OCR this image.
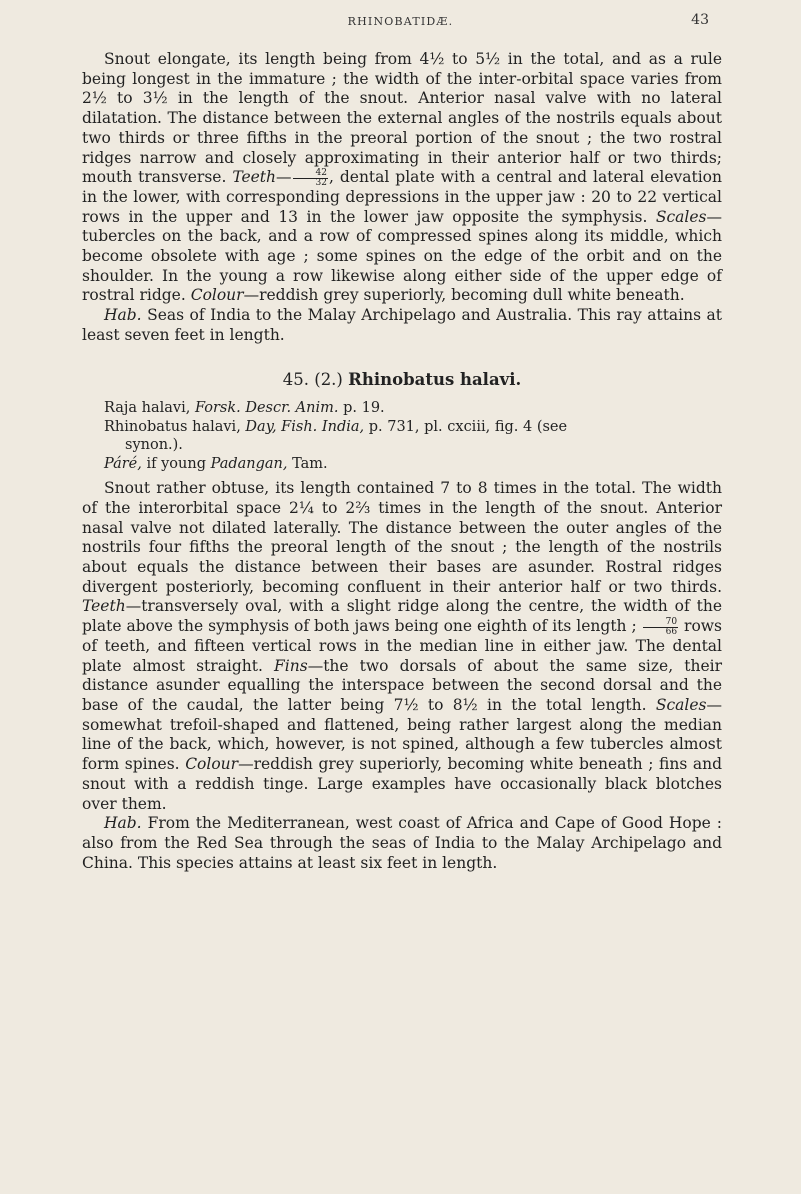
RHINOBATIDÆ.	43

Snout elongate, its length being from 4½ to 5½ in the total, and as a rule being longest in the immature ; the width of the inter-orbital space varies from 2½ to 3½ in the length of the snout. Anterior nasal valve with no lateral dilatation. The distance between the external angles of the nostrils equals about two thirds or three fifths in the preoral portion of the snout ; the two rostral ridges narrow and closely approximating in their anterior half or two thirds; mouth transverse. Teeth— $\frac{42}{32}$ , dental plate with a central and lateral elevation in the lower, with corresponding depressions in the upper jaw : 20 to 22 vertical rows in the upper and 13 in the lower jaw opposite the symphysis. Scales—tubercles on the back, and a row of compressed spines along its middle, which become obsolete with age ; some spines on the edge of the orbit and on the shoulder. In the young a row likewise along either side of the upper edge of rostral ridge. Colour—reddish grey superiorly, becoming dull white beneath.

Hab. Seas of India to the Malay Archipelago and Australia. This ray attains at least seven feet in length.

45. (2.) Rhinobatus halavi.

Raja halavi, Forsk. Descr. Anim. p. 19.

Rhinobatus halavi, Day, Fish. India, p. 731, pl. cxciii, fig. 4 (see

synon.).

Páré, if young Padangan, Tam.

Snout rather obtuse, its length contained 7 to 8 times in the total. The width of the interorbital space 2¼ to 2⅔ times in the length of the snout. Anterior nasal valve not dilated laterally. The distance between the outer angles of the nostrils four fifths the preoral length of the snout ; the length of the nostrils about equals the distance between their bases are asunder. Rostral ridges divergent posteriorly, becoming confluent in their anterior half or two thirds. Teeth—transversely oval, with a slight ridge along the centre, the width of the plate above the symphysis of both jaws being one eighth of its length ; $\frac{70}{66}$ rows of teeth, and fifteen vertical rows in the median line in either jaw. The dental plate almost straight. Fins—the two dorsals of about the same size, their distance asunder equalling the interspace between the second dorsal and the base of the caudal, the latter being 7½ to 8½ in the total length. Scales—somewhat trefoil-shaped and flattened, being rather largest along the median line of the back, which, however, is not spined, although a few tubercles almost form spines. Colour—reddish grey superiorly, becoming white beneath ; fins and snout with a reddish tinge. Large examples have occasionally black blotches over them.

Hab. From the Mediterranean, west coast of Africa and Cape of Good Hope : also from the Red Sea through the seas of India to the Malay Archipelago and China. This species attains at least six feet in length.
